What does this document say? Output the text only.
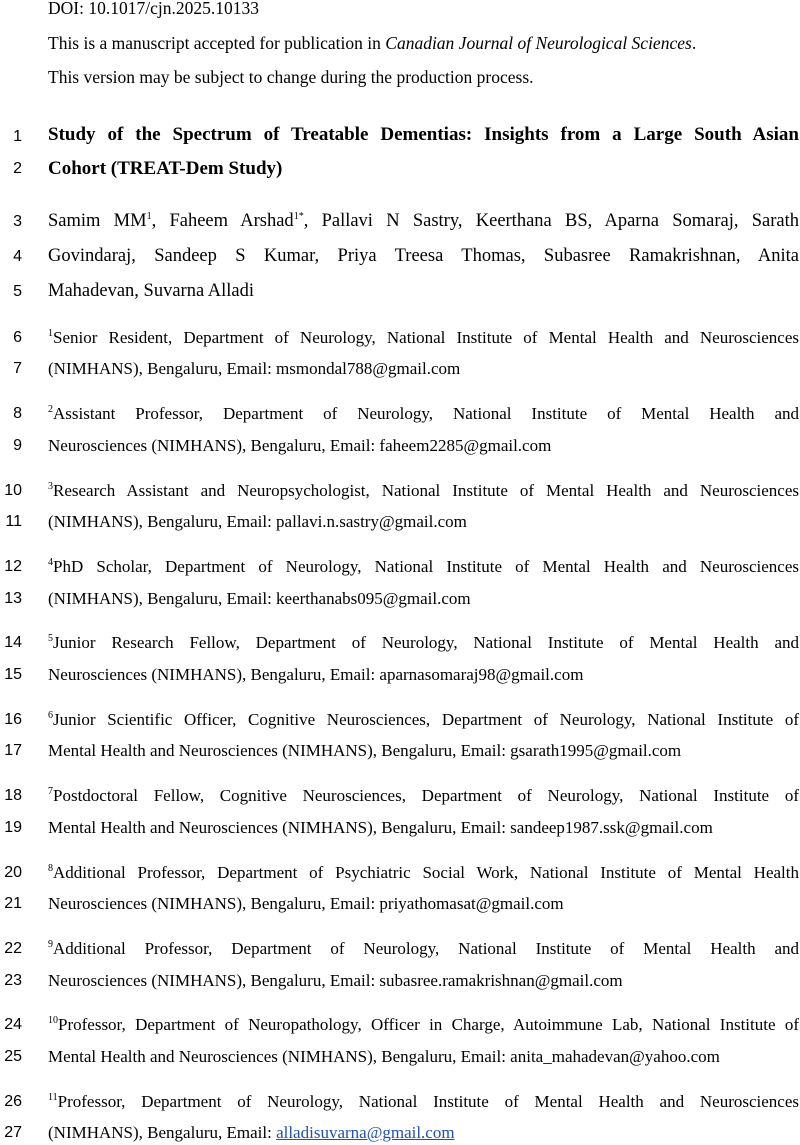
DOI: 10.1017/cjn.2025.10133
This is a manuscript accepted for publication in Canadian Journal of Neurological Sciences.
This version may be subject to change during the production process.
1
2
3
4
5
6
7
8
9
10
11
12
13
14
15
16
17
18
19
20
21
22
23
24
25
26
27
Study of the Spectrum of Treatable Dementias: Insights from a Large South Asian
Cohort (TREAT-Dem Study)
Samim $MM^1$, Faheem Arshad$^{1*}$, Pallavi N Sastry, Keerthana BS, Aparna Somaraj, Sarath
Govindaraj, Sandeep S Kumar, Priya Treesa Thomas, Subasree Ramakrishnan, Anita
Mahadevan, Suvarna Alladi
$^1$Senior Resident, Department of Neurology, National Institute of Mental Health and Neurosciences
(NIMHANS), Bengaluru, Email: msmondal788@gmail.com
$^2$Assistant Professor, Department of Neurology, National Institute of Mental Health and
Neurosciences (NIMHANS), Bengaluru, Email: faheem2285@gmail.com
$^3$Research Assistant and Neuropsychologist, National Institute of Mental Health and Neurosciences
(NIMHANS), Bengaluru, Email: pallavi.n.sastry@gmail.com
$^4$PhD Scholar, Department of Neurology, National Institute of Mental Health and Neurosciences
(NIMHANS), Bengaluru, Email: keerthanabs095@gmail.com
$^5$Junior Research Fellow, Department of Neurology, National Institute of Mental Health and
Neurosciences (NIMHANS), Bengaluru, Email: aparnasomaraj98@gmail.com
$^6$Junior Scientific Officer, Cognitive Neurosciences, Department of Neurology, National Institute of
Mental Health and Neurosciences (NIMHANS), Bengaluru, Email: gsarath1995@gmail.com
$^7$Postdoctoral Fellow, Cognitive Neurosciences, Department of Neurology, National Institute of
Mental Health and Neurosciences (NIMHANS), Bengaluru, Email: sandeep1987.ssk@gmail.com
$^8$Additional Professor, Department of Psychiatric Social Work, National Institute of Mental Health
Neurosciences (NIMHANS), Bengaluru, Email: priyathomasat@gmail.com
$^9$Additional Professor, Department of Neurology, National Institute of Mental Health and
Neurosciences (NIMHANS), Bengaluru, Email: subasree.ramakrishnan@gmail.com
$^{10}$Professor, Department of Neuropathology, Officer in Charge, Autoimmune Lab, National Institute of
Mental Health and Neurosciences (NIMHANS), Bengaluru, Email: anita_mahadevan@yahoo.com
$^{11}$Professor, Department of Neurology, National Institute of Mental Health and Neurosciences
(NIMHANS), Bengaluru, Email: alladisuvarna@gmail.com
